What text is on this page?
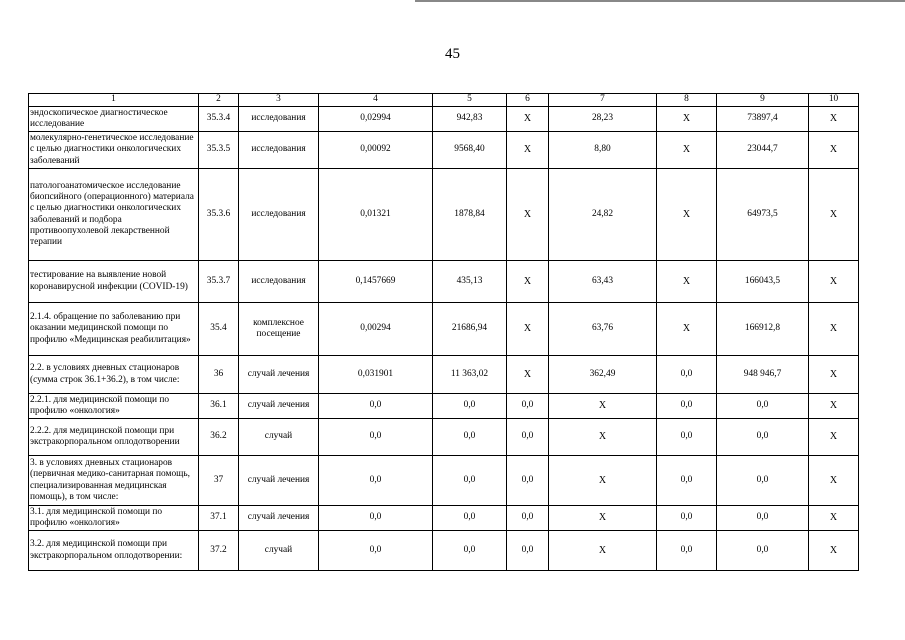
45
1	2	3	4	5	6	7	8	9	10
эндоскопическое диагностическое исследование	35.3.4	исследования	0,02994	942,83	X	28,23	X	73897,4	X
молекулярно-генетическое исследование с целью диагностики онкологических заболеваний	35.3.5	исследования	0,00092	9568,40	X	8,80	X	23044,7	X
патологоанатомическое исследование биопсийного (операционного) материала с целью диагностики онкологических заболеваний и подбора противоопухолевой лекарственной терапии	35.3.6	исследования	0,01321	1878,84	X	24,82	X	64973,5	X
тестирование на выявление новой коронавирусной инфекции (COVID-19)	35.3.7	исследования	0,1457669	435,13	X	63,43	X	166043,5	X
2.1.4. обращение по заболеванию при оказании медицинской помощи по профилю «Медицинская реабилитация»	35.4	комплексное посещение	0,00294	21686,94	X	63,76	X	166912,8	X
2.2. в условиях дневных стационаров (сумма строк 36.1+36.2), в том числе:	36	случай лечения	0,031901	11 363,02	X	362,49	0,0	948 946,7	X
2.2.1. для медицинской помощи по профилю «онкология»	36.1	случай лечения	0,0	0,0	0,0	X	0,0	0,0	X
2.2.2. для медицинской помощи при экстракорпоральном оплодотворении	36.2	случай	0,0	0,0	0,0	X	0,0	0,0	X
3. в условиях дневных стационаров (первичная медико-санитарная помощь, специализированная медицинская помощь), в том числе:	37	случай лечения	0,0	0,0	0,0	X	0,0	0,0	X
3.1. для медицинской помощи по профилю «онкология»	37.1	случай лечения	0,0	0,0	0,0	X	0,0	0,0	X
3.2. для медицинской помощи при экстракорпоральном оплодотворении:	37.2	случай	0,0	0,0	0,0	X	0,0	0,0	X
